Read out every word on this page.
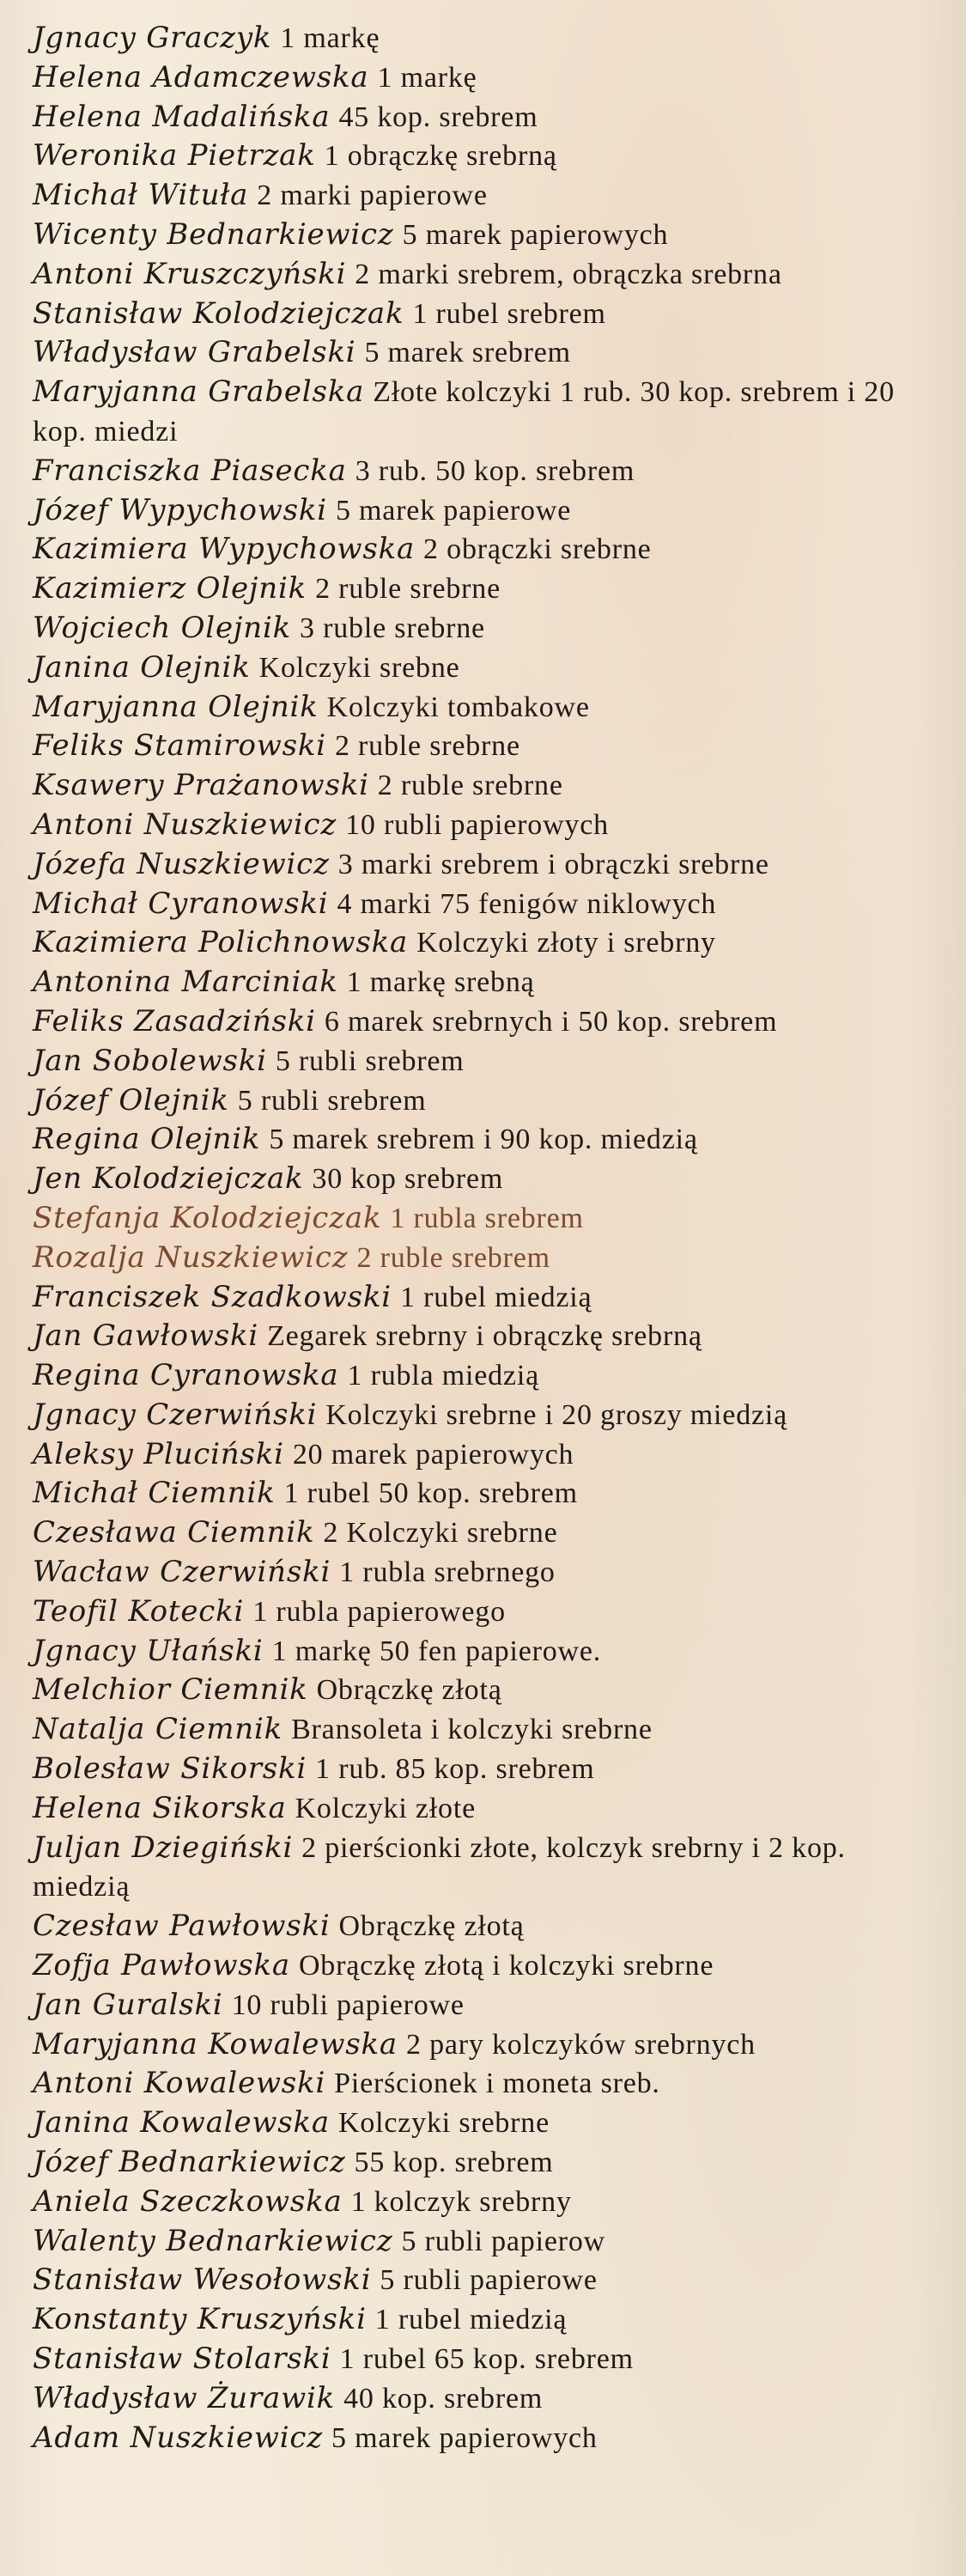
Jgnacy Graczyk 1 markę
Helena Adamczewska 1 markę
Helena Madalińska 45 kop. srebrem
Weronika Pietrzak 1 obrączkę srebrną
Michał Wituła 2 marki papierowe
Wicenty Bednarkiewicz 5 marek papierowych
Antoni Kruszczyński 2 marki srebrem, obrączka srebrna
Stanisław Kolodziejczak 1 rubel srebrem
Władysław Grabelski 5 marek srebrem
Maryjanna Grabelska Złote kolczyki 1 rub. 30 kop. srebrem i 20 kop. miedzi
Franciszka Piasecka 3 rub. 50 kop. srebrem
Józef Wypychowski 5 marek papierowe
Kazimiera Wypychowska 2 obrączki srebrne
Kazimierz Olejnik 2 ruble srebrne
Wojciech Olejnik 3 ruble srebrne
Janina Olejnik Kolczyki srebne
Maryjanna Olejnik Kolczyki tombakowe
Feliks Stamirowski 2 ruble srebrne
Ksawery Prażanowski 2 ruble srebrne
Antoni Nuszkiewicz 10 rubli papierowych
Józefa Nuszkiewicz 3 marki srebrem i obrączki srebrne
Michał Cyranowski 4 marki 75 fenigów niklowych
Kazimiera Polichnowska Kolczyki złoty i srebrny
Antonina Marciniak 1 markę srebną
Feliks Zasadziński 6 marek srebrnych i 50 kop. srebrem
Jan Sobolewski 5 rubli srebrem
Józef Olejnik 5 rubli srebrem
Regina Olejnik 5 marek srebrem i 90 kop. miedzią
Jen Kolodziejczak 30 kop srebrem
Stefanja Kolodziejczak 1 rubla srebrem
Rozalja Nuszkiewicz 2 ruble srebrem
Franciszek Szadkowski 1 rubel miedzią
Jan Gawłowski Zegarek srebrny i obrączkę srebrną
Regina Cyranowska 1 rubla miedzią
Jgnacy Czerwiński Kolczyki srebrne i 20 groszy miedzią
Aleksy Pluciński 20 marek papierowych
Michał Ciemnik 1 rubel 50 kop. srebrem
Czesława Ciemnik 2 Kolczyki srebrne
Wacław Czerwiński 1 rubla srebrnego
Teofil Kotecki 1 rubla papierowego
Jgnacy Ułański 1 markę 50 fen papierowe.
Melchior Ciemnik Obrączkę złotą
Natalja Ciemnik Bransoleta i kolczyki srebrne
Bolesław Sikorski 1 rub. 85 kop. srebrem
Helena Sikorska Kolczyki złote
Juljan Dziegiński 2 pierścionki złote, kolczyk srebrny i 2 kop. miedzią
Czesław Pawłowski Obrączkę złotą
Zofja Pawłowska Obrączkę złotą i kolczyki srebrne
Jan Guralski 10 rubli papierowe
Maryjanna Kowalewska 2 pary kolczyków srebrnych
Antoni Kowalewski Pierścionek i moneta sreb.
Janina Kowalewska Kolczyki srebrne
Józef Bednarkiewicz 55 kop. srebrem
Aniela Szeczkowska 1 kolczyk srebrny
Walenty Bednarkiewicz 5 rubli papierow
Stanisław Wesołowski 5 rubli papierowe
Konstanty Kruszyński 1 rubel miedzią
Stanisław Stolarski 1 rubel 65 kop. srebrem
Władysław Żurawik 40 kop. srebrem
Adam Nuszkiewicz 5 marek papierowych
